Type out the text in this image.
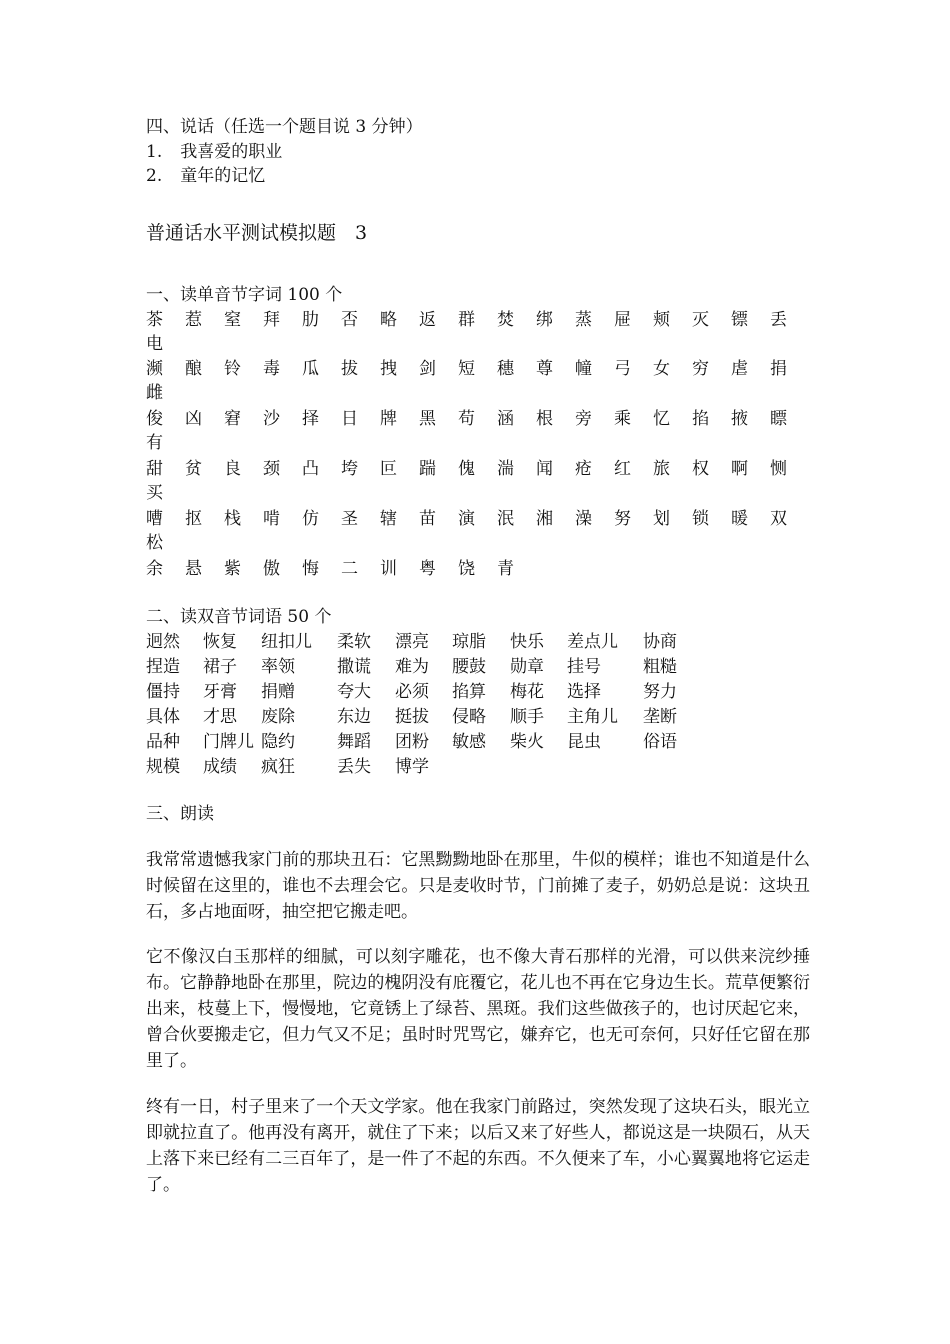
四、说话（任选一个题目说 3 分钟）
1. 我喜爱的职业
2. 童年的记忆
普通话水平测试模拟题　3
一、读单音节字词 100 个
茶	惹	窒	拜	肋	否	略	返	群	焚	绑	蒸	屉	颊	灭	镖	丢
电
濒	酿	铃	毒	瓜	拔	拽	剑	短	穗	尊	幢	弓	女	穷	虐	捐
雌
俊	凶	窘	沙	择	日	牌	黑	苟	涵	根	旁	乘	忆	掐	掖	瞟
有
甜	贫	良	颈	凸	垮	叵	踹	傀	湍	闻	疮	红	旅	权	啊	恻
买
嘈	抠	栈	啃	仿	圣	辖	苗	演	泯	湘	澡	努	划	锁	暖	双
松
余	悬	紫	傲	悔	二	训	粤	饶	青
二、读双音节词语 50 个
迥然 恢复 纽扣儿 柔软 漂亮 琼脂 快乐 差点儿 协商
捏造 裙子 率领 撒谎 难为 腰鼓 勋章 挂号 粗糙
僵持 牙膏 捐赠 夸大 必须 掐算 梅花 选择 努力
具体 才思 废除 东边 挺拔 侵略 顺手 主角儿 垄断
品种 门牌儿 隐约 舞蹈 团粉 敏感 柴火 昆虫 俗语
规模 成绩 疯狂 丢失 博学
三、朗读
我常常遗憾我家门前的那块丑石：它黑黝黝地卧在那里，牛似的模样；谁也不知道是什么时候留在这里的，谁也不去理会它。只是麦收时节，门前摊了麦子，奶奶总是说：这块丑石，多占地面呀，抽空把它搬走吧。
它不像汉白玉那样的细腻，可以刻字雕花，也不像大青石那样的光滑，可以供来浣纱捶布。它静静地卧在那里，院边的槐阴没有庇覆它，花儿也不再在它身边生长。荒草便繁衍出来，枝蔓上下，慢慢地，它竟锈上了绿苔、黑斑。我们这些做孩子的，也讨厌起它来，曾合伙要搬走它，但力气又不足；虽时时咒骂它，嫌弃它，也无可奈何，只好任它留在那里了。
终有一日，村子里来了一个天文学家。他在我家门前路过，突然发现了这块石头，眼光立即就拉直了。他再没有离开，就住了下来；以后又来了好些人，都说这是一块陨石，从天上落下来已经有二三百年了，是一件了不起的东西。不久便来了车，小心翼翼地将它运走了。
